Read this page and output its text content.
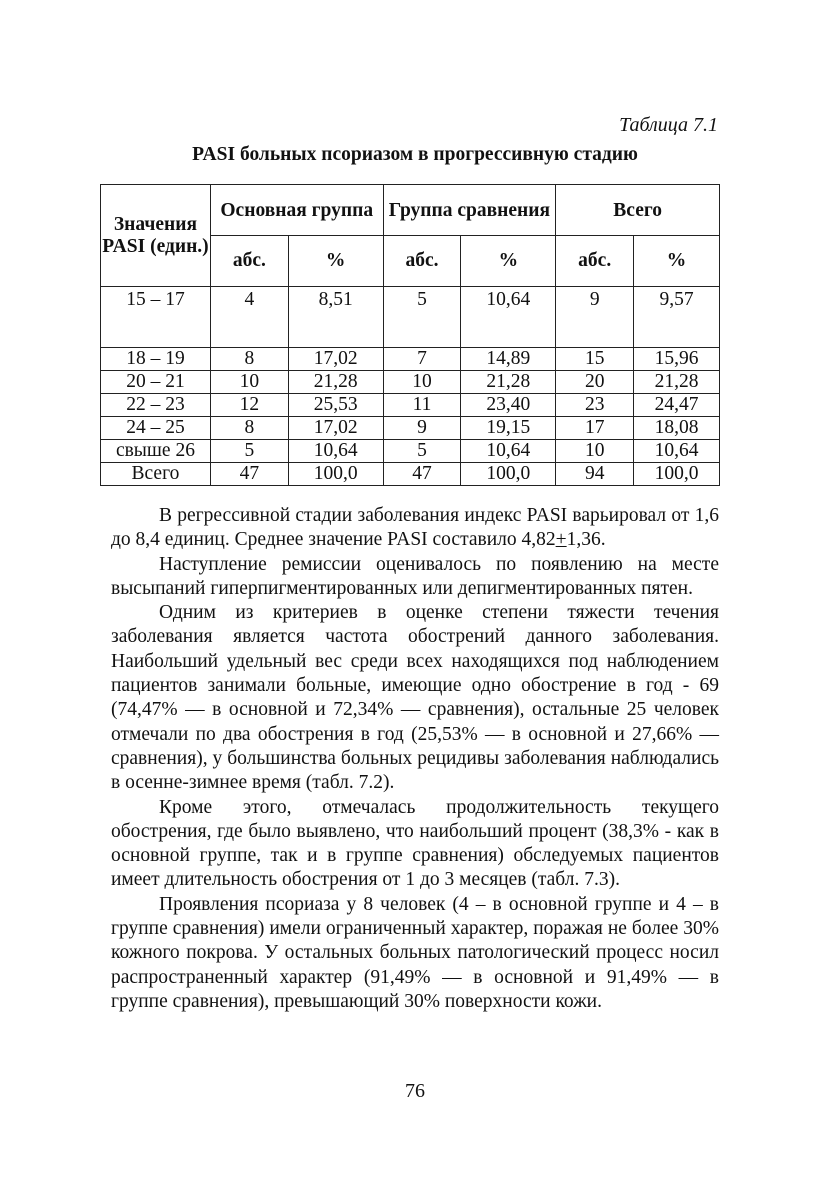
Таблица 7.1
PASI больных псориазом в прогрессивную стадию
Значения PASI (един.)	Основная группа		Группа сравнения		Всего	
	абс.	%	абс.	%	абс.	%
15 – 17	4	8,51	5	10,64	9	9,57
18 – 19	8	17,02	7	14,89	15	15,96
20 – 21	10	21,28	10	21,28	20	21,28
22 – 23	12	25,53	11	23,40	23	24,47
24 – 25	8	17,02	9	19,15	17	18,08
свыше 26	5	10,64	5	10,64	10	10,64
Всего	47	100,0	47	100,0	94	100,0

В регрессивной стадии заболевания индекс PASI варьировал от 1,6 до 8,4 единиц. Среднее значение PASI составило 4,82+1,36.

Наступление ремиссии оценивалось по появлению на месте высыпаний гиперпигментированных или депигментированных пятен.

Одним из критериев в оценке степени тяжести течения заболевания является частота обострений данного заболевания. Наибольший удельный вес среди всех находящихся под наблюдением пациентов занимали больные, имеющие одно обострение в год - 69 (74,47% — в основной и 72,34% — сравнения), остальные 25 человек отмечали по два обострения в год (25,53% — в основной и 27,66% — сравнения), у большинства больных рецидивы заболевания наблюдались в осенне-зимнее время (табл. 7.2).

Кроме этого, отмечалась продолжительность текущего обострения, где было выявлено, что наибольший процент (38,3% - как в основной группе, так и в группе сравнения) обследуемых пациентов имеет длительность обострения от 1 до 3 месяцев (табл. 7.3).

Проявления псориаза у 8 человек (4 – в основной группе и 4 – в группе сравнения) имели ограниченный характер, поражая не более 30% кожного покрова. У остальных больных патологический процесс носил распространенный характер (91,49% — в основной и 91,49% — в группе сравнения), превышающий 30% поверхности кожи.

76
